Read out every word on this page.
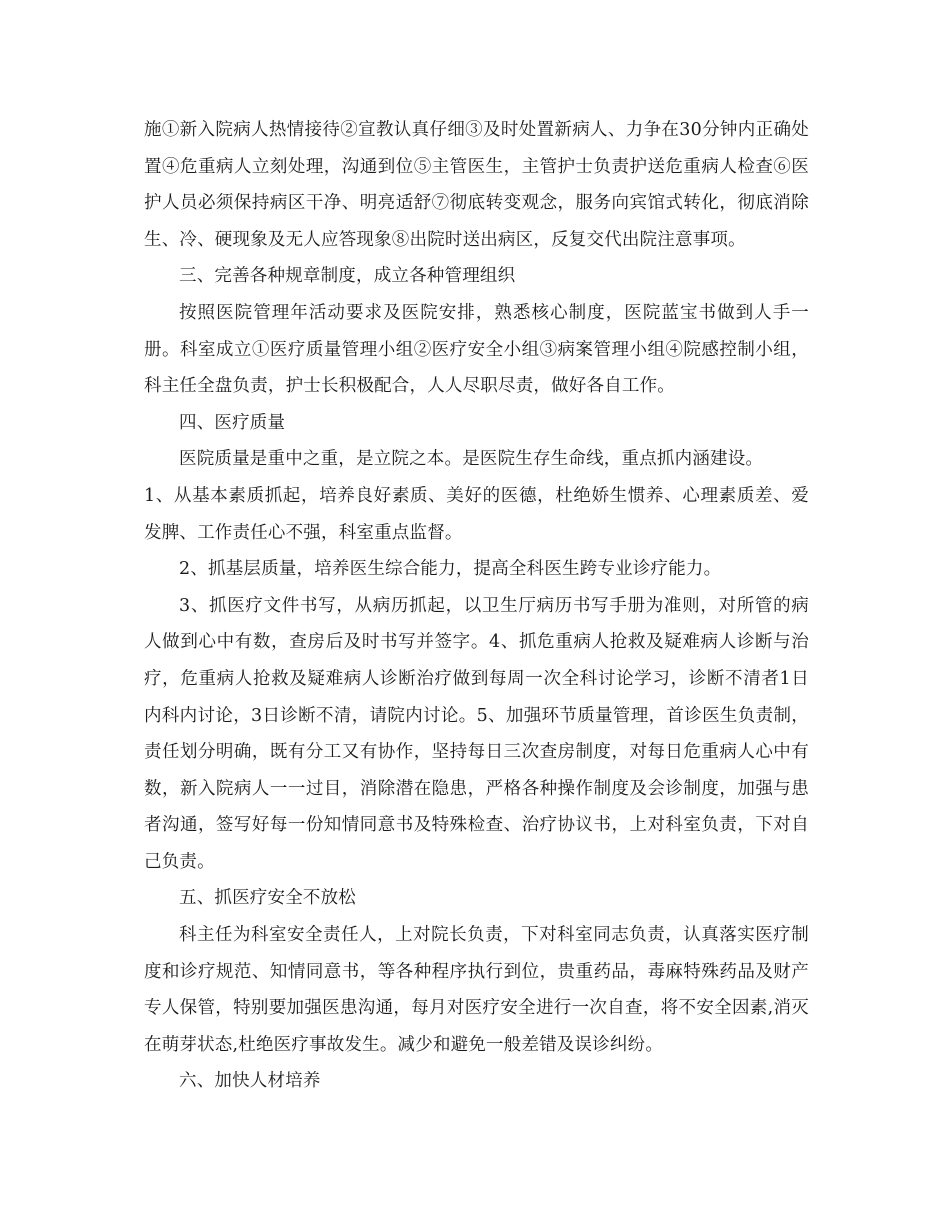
施①新入院病人热情接待②宣教认真仔细③及时处置新病人、力争在30分钟内正确处置④危重病人立刻处理，沟通到位⑤主管医生，主管护士负责护送危重病人检查⑥医护人员必须保持病区干净、明亮适舒⑦彻底转变观念，服务向宾馆式转化，彻底消除生、冷、硬现象及无人应答现象⑧出院时送出病区，反复交代出院注意事项。

三、完善各种规章制度，成立各种管理组织

按照医院管理年活动要求及医院安排，熟悉核心制度，医院蓝宝书做到人手一册。科室成立①医疗质量管理小组②医疗安全小组③病案管理小组④院感控制小组，科主任全盘负责，护士长积极配合，人人尽职尽责，做好各自工作。

四、医疗质量

医院质量是重中之重，是立院之本。是医院生存生命线，重点抓内涵建设。

1、从基本素质抓起，培养良好素质、美好的医德，杜绝娇生惯养、心理素质差、爱发脾、工作责任心不强，科室重点监督。

2、抓基层质量，培养医生综合能力，提高全科医生跨专业诊疗能力。

3、抓医疗文件书写，从病历抓起，以卫生厅病历书写手册为准则，对所管的病人做到心中有数，查房后及时书写并签字。4、抓危重病人抢救及疑难病人诊断与治疗，危重病人抢救及疑难病人诊断治疗做到每周一次全科讨论学习，诊断不清者1日内科内讨论，3日诊断不清，请院内讨论。5、加强环节质量管理，首诊医生负责制，责任划分明确，既有分工又有协作，坚持每日三次查房制度，对每日危重病人心中有数，新入院病人一一过目，消除潜在隐患，严格各种操作制度及会诊制度，加强与患者沟通，签写好每一份知情同意书及特殊检查、治疗协议书，上对科室负责，下对自己负责。

五、抓医疗安全不放松

科主任为科室安全责任人，上对院长负责，下对科室同志负责，认真落实医疗制度和诊疗规范、知情同意书，等各种程序执行到位，贵重药品，毒麻特殊药品及财产专人保管，特别要加强医患沟通，每月对医疗安全进行一次自查，将不安全因素,消灭在萌芽状态,杜绝医疗事故发生。减少和避免一般差错及误诊纠纷。

六、加快人材培养
